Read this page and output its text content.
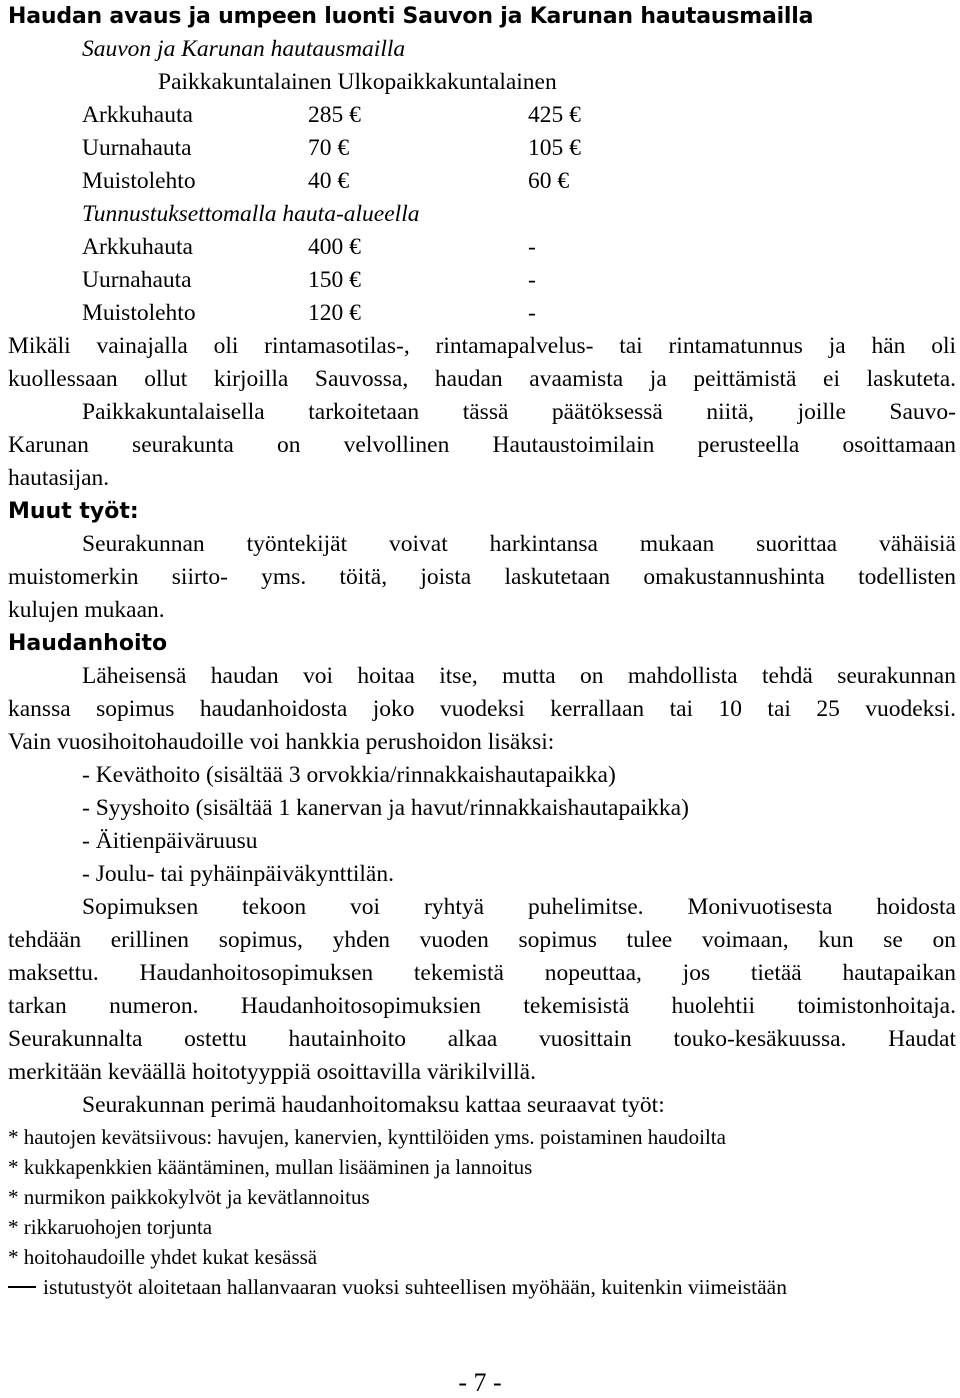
Haudan avaus ja umpeen luonti Sauvon ja Karunan hautausmailla
Sauvon ja Karunan hautausmailla
Paikkakuntalainen Ulkopaikkakuntalainen
Arkkuhauta	285 €	425 €
Uurnahauta	70 €	105 €
Muistolehto	40 €	60 €
Tunnustuksettomalla hauta-alueella
Arkkuhauta	400 €	-
Uurnahauta	150 €	-
Muistolehto	120 €	-
Mikäli vainajalla oli rintamasotilas-, rintamapalvelus- tai rintamatunnus ja hän oli
kuollessaan ollut kirjoilla Sauvossa, haudan avaamista ja peittämistä ei laskuteta.
Paikkakuntalaisella tarkoitetaan tässä päätöksessä niitä, joille Sauvo-
Karunan seurakunta on velvollinen Hautaustoimilain perusteella osoittamaan
hautasijan.
Muut työt:
Seurakunnan työntekijät voivat harkintansa mukaan suorittaa vähäisiä
muistomerkin siirto- yms. töitä, joista laskutetaan omakustannushinta todellisten
kulujen mukaan.
Haudanhoito
Läheisensä haudan voi hoitaa itse, mutta on mahdollista tehdä seurakunnan
kanssa sopimus haudanhoidosta joko vuodeksi kerrallaan tai 10 tai 25 vuodeksi.
Vain vuosihoitohaudoille voi hankkia perushoidon lisäksi:
- Keväthoito (sisältää 3 orvokkia/rinnakkaishautapaikka)
- Syyshoito (sisältää 1 kanervan ja havut/rinnakkaishautapaikka)
- Äitienpäiväruusu
- Joulu- tai pyhäinpäiväkynttilän.
Sopimuksen tekoon voi ryhtyä puhelimitse. Monivuotisesta hoidosta
tehdään erillinen sopimus, yhden vuoden sopimus tulee voimaan, kun se on
maksettu. Haudanhoitosopimuksen tekemistä nopeuttaa, jos tietää hautapaikan
tarkan numeron. Haudanhoitosopimuksien tekemisistä huolehtii toimistonhoitaja.
Seurakunnalta ostettu hautainhoito alkaa vuosittain touko-kesäkuussa. Haudat
merkitään keväällä hoitotyyppiä osoittavilla värikilvillä.
Seurakunnan perimä haudanhoitomaksu kattaa seuraavat työt:
* hautojen kevätsiivous: havujen, kanervien, kynttilöiden yms. poistaminen haudoilta
* kukkapenkkien kääntäminen, mullan lisääminen ja lannoitus
* nurmikon paikkokylvöt ja kevätlannoitus
* rikkaruohojen torjunta
* hoitohaudoille yhdet kukat kesässä
istutustyöt aloitetaan hallanvaaran vuoksi suhteellisen myöhään, kuitenkin viimeistään
- 7 -
